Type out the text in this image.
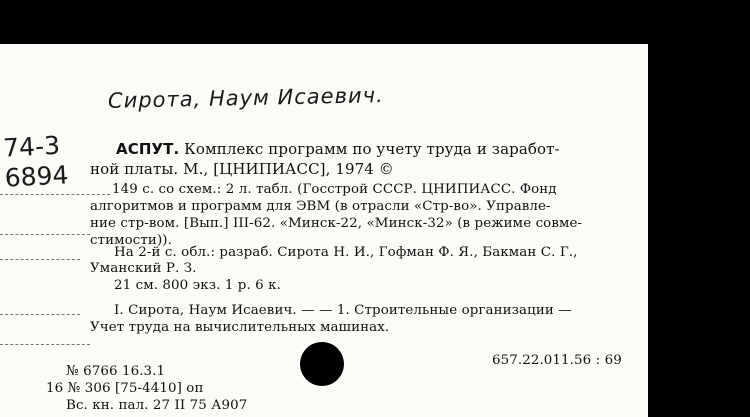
Сирота, Наум Исаевич.
74-3
6894
АСПУТ. Комплекс программ по учету труда и заработ-
ной платы. М., [ЦНИПИАСС], 1974 ©
149 с. со схем.: 2 л. табл. (Госстрой СССР. ЦНИПИАСС. Фонд
алгоритмов и программ для ЭВМ (в отрасли «Стр-во». Управле-
ние стр-вом. [Вып.] III-62. «Минск-22, «Минск-32» (в режиме совме-
стимости)).
На 2-й с. обл.: разраб. Сирота Н. И., Гофман Ф. Я., Бакман С. Г.,
Уманский Р. З.
21 см. 800 экз. 1 р. 6 к.
I. Сирота, Наум Исаевич. — — 1. Строительные организации —
Учет труда на вычислительных машинах.
657.22.011.56 : 69
№ 6766 16.3.1
16 № 306 [75-4410] оп
Вс. кн. пал. 27 II 75 А907
